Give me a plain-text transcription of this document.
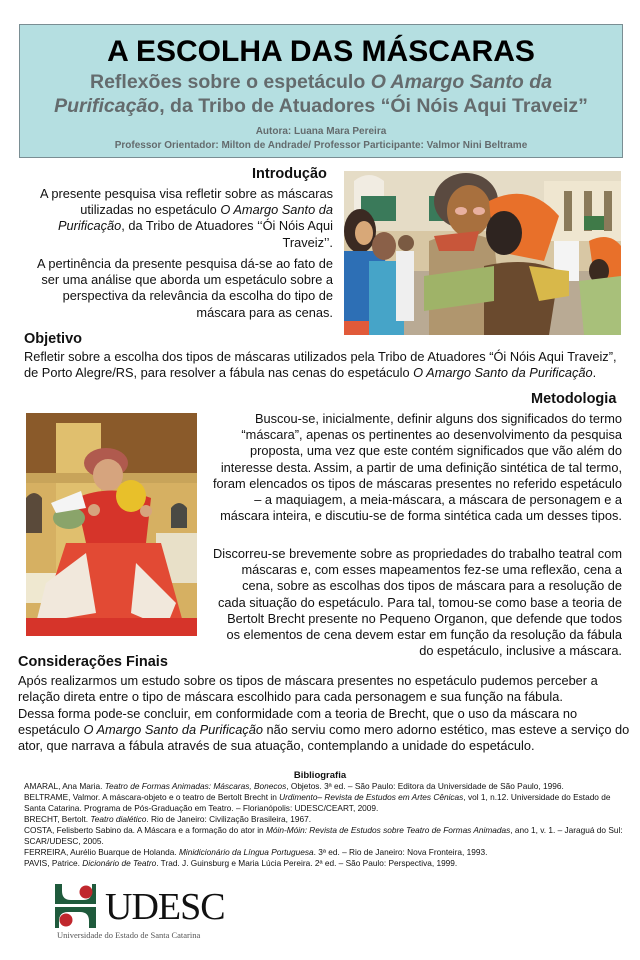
A ESCOLHA DAS MÁSCARAS
Reflexões sobre o espetáculo O Amargo Santo da
Purificação, da Tribo de Atuadores “Ói Nóis Aqui Traveiz”
Autora: Luana Mara Pereira
Professor Orientador: Milton de Andrade/ Professor Participante: Valmor Nini Beltrame
Introdução
A presente pesquisa visa refletir sobre as máscaras utilizadas no espetáculo O Amargo Santo da Purificação, da Tribo de Atuadores ‘‘Ói Nóis Aqui Traveiz’’.
A pertinência da presente pesquisa dá-se ao fato de ser uma análise que aborda um espetáculo sobre a perspectiva da relevância da escolha do tipo de máscara para as cenas.
Objetivo
Refletir sobre a escolha dos tipos de máscaras utilizados pela Tribo de Atuadores “Ói Nóis Aqui Traveiz”, de Porto Alegre/RS, para resolver a fábula nas cenas do espetáculo O Amargo Santo da Purificação.
Metodologia
Buscou-se, inicialmente, definir alguns dos significados do termo “máscara”, apenas os pertinentes ao desenvolvimento da pesquisa proposta, uma vez que este contém significados que vão além do interesse desta. Assim, a partir de uma definição sintética de tal termo, foram elencados os tipos de máscaras presentes no referido espetáculo – a maquiagem, a meia-máscara, a máscara de personagem e a máscara inteira, e discutiu-se de forma sintética cada um desses tipos.
Discorreu-se brevemente sobre as propriedades do trabalho teatral com máscaras e, com esses mapeamentos fez-se uma reflexão, cena a cena, sobre as escolhas dos tipos de máscara para a resolução de cada situação do espetáculo. Para tal, tomou-se como base a teoria de Bertolt Brecht presente no Pequeno Organon, que defende que todos os elementos de cena devem estar em função da resolução da fábula do espetáculo, inclusive a máscara.
Considerações Finais
Após realizarmos um estudo sobre os tipos de máscara presentes no espetáculo pudemos perceber a relação direta entre o tipo de máscara escolhido para cada personagem e sua função na fábula.
Dessa forma pode-se concluir, em conformidade com a teoria de Brecht, que o uso da máscara no espetáculo O Amargo Santo da Purificação não serviu como mero adorno estético, mas esteve a serviço do ator, que narrava a fábula através de sua atuação, contemplando a unidade do espetáculo.
Bibliografia
AMARAL, Ana Maria. Teatro de Formas Animadas: Máscaras, Bonecos, Objetos. 3ª ed. – São Paulo: Editora da Universidade de São Paulo, 1996.
BELTRAME, Valmor. A máscara-objeto e o teatro de Bertolt Brecht in Urdimento– Revista de Estudos em Artes Cênicas, vol 1, n.12. Universidade do Estado de Santa Catarina. Programa de Pós-Graduação em Teatro. – Florianópolis: UDESC/CEART, 2009.
BRECHT, Bertolt. Teatro dialético. Rio de Janeiro: Civilização Brasileira, 1967.
COSTA, Felisberto Sabino da. A Máscara e a formação do ator in Móin-Móin: Revista de Estudos sobre Teatro de Formas Animadas, ano 1, v. 1. – Jaraguá do Sul: SCAR/UDESC, 2005.
FERREIRA, Aurélio Buarque de Holanda. Minidicionário da Língua Portuguesa. 3ª ed. – Rio de Janeiro: Nova Fronteira, 1993.
PAVIS, Patrice. Dicionário de Teatro. Trad. J. Guinsburg e Maria Lúcia Pereira. 2ª ed. – São Paulo: Perspectiva, 1999.
UDESC
Universidade do Estado de Santa Catarina
